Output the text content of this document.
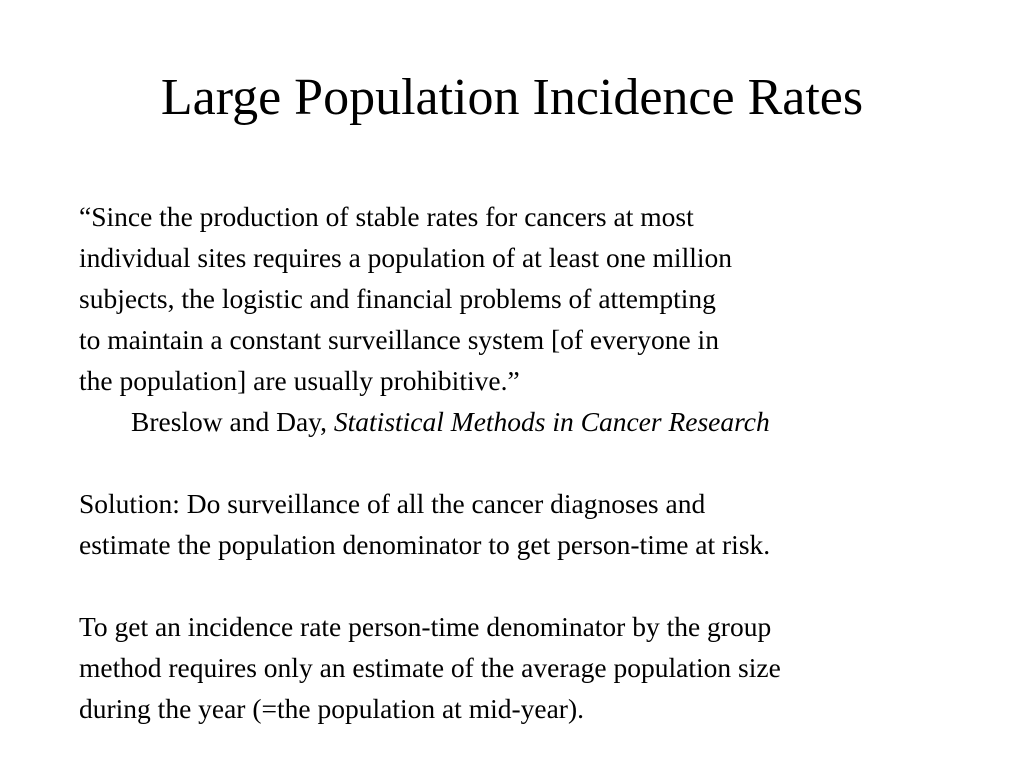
Large Population Incidence Rates
“Since the production of stable rates for cancers at most
individual sites requires a population of at least one million
subjects, the logistic and financial problems of attempting
to maintain a constant surveillance system [of everyone in
the population] are usually prohibitive.”
Breslow and Day, Statistical Methods in Cancer Research
Solution: Do surveillance of all the cancer diagnoses and
estimate the population denominator to get person-time at risk.
To get an incidence rate person-time denominator by the group
method requires only an estimate of the average population size
during the year (=the population at mid-year).
